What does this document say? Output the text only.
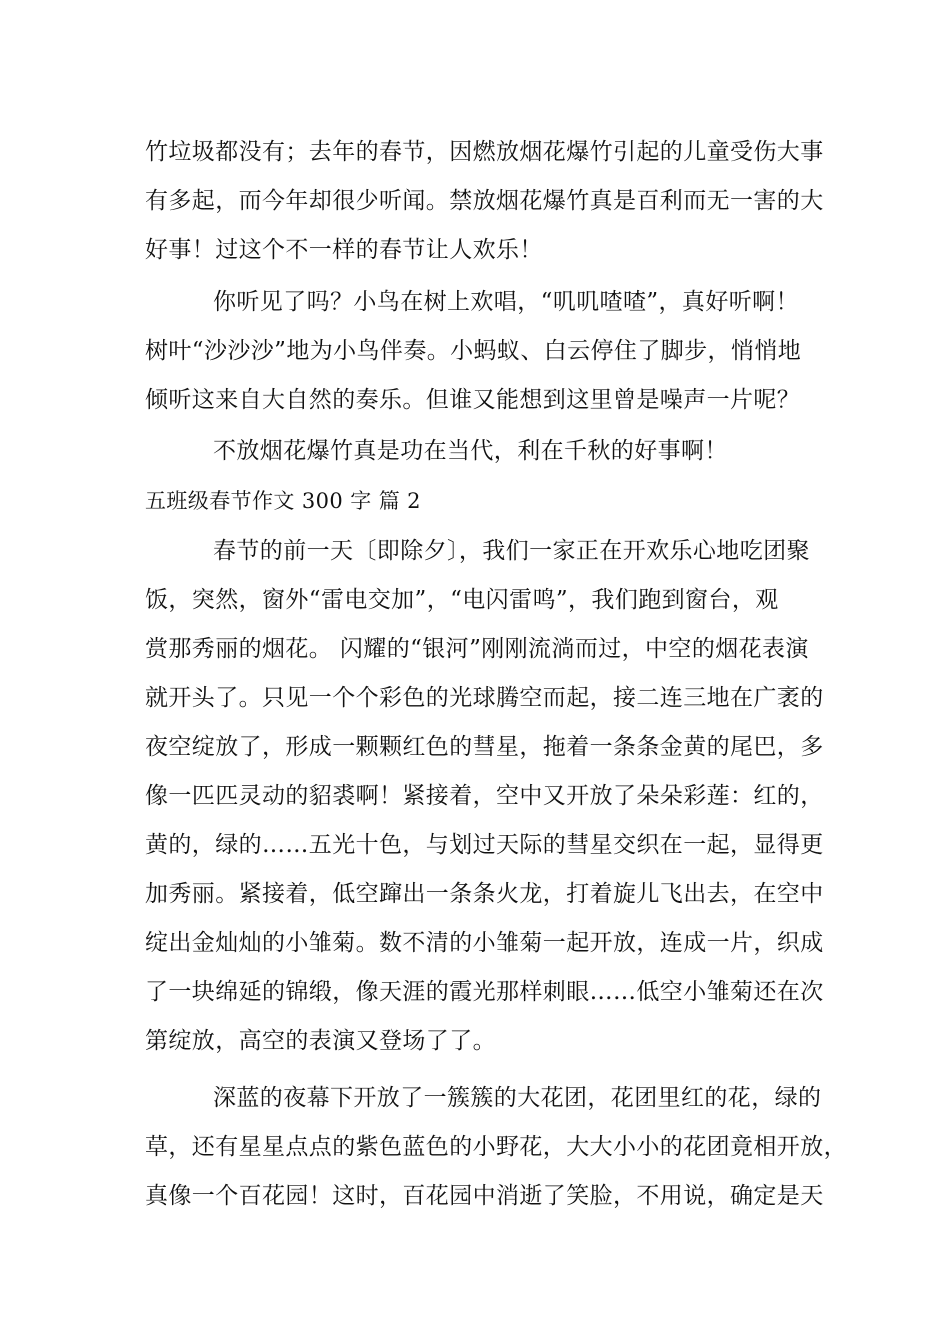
竹垃圾都没有；去年的春节，因燃放烟花爆竹引起的儿童受伤大事
有多起，而今年却很少听闻。禁放烟花爆竹真是百利而无一害的大
好事！过这个不一样的春节让人欢乐！
你听见了吗？小鸟在树上欢唱，“叽叽喳喳”，真好听啊！
树叶“沙沙沙”地为小鸟伴奏。小蚂蚁、白云停住了脚步，悄悄地
倾听这来自大自然的奏乐。但谁又能想到这里曾是噪声一片呢？
不放烟花爆竹真是功在当代，利在千秋的好事啊！
五班级春节作文 300 字 篇 2
春节的前一天〔即除夕〕，我们一家正在开欢乐心地吃团聚
饭，突然，窗外“雷电交加”，“电闪雷鸣”，我们跑到窗台，观
赏那秀丽的烟花。 闪耀的“银河”刚刚流淌而过，中空的烟花表演
就开头了。只见一个个彩色的光球腾空而起，接二连三地在广袤的
夜空绽放了，形成一颗颗红色的彗星，拖着一条条金黄的尾巴，多
像一匹匹灵动的貂裘啊！紧接着，空中又开放了朵朵彩莲：红的，
黄的，绿的……五光十色，与划过天际的彗星交织在一起，显得更
加秀丽。紧接着，低空蹿出一条条火龙，打着旋儿飞出去，在空中
绽出金灿灿的小雏菊。数不清的小雏菊一起开放，连成一片，织成
了一块绵延的锦缎，像天涯的霞光那样刺眼……低空小雏菊还在次
第绽放，高空的表演又登场了了。
深蓝的夜幕下开放了一簇簇的大花团，花团里红的花，绿的
草，还有星星点点的紫色蓝色的小野花，大大小小的花团竟相开放，
真像一个百花园！这时，百花园中消逝了笑脸，不用说，确定是天
